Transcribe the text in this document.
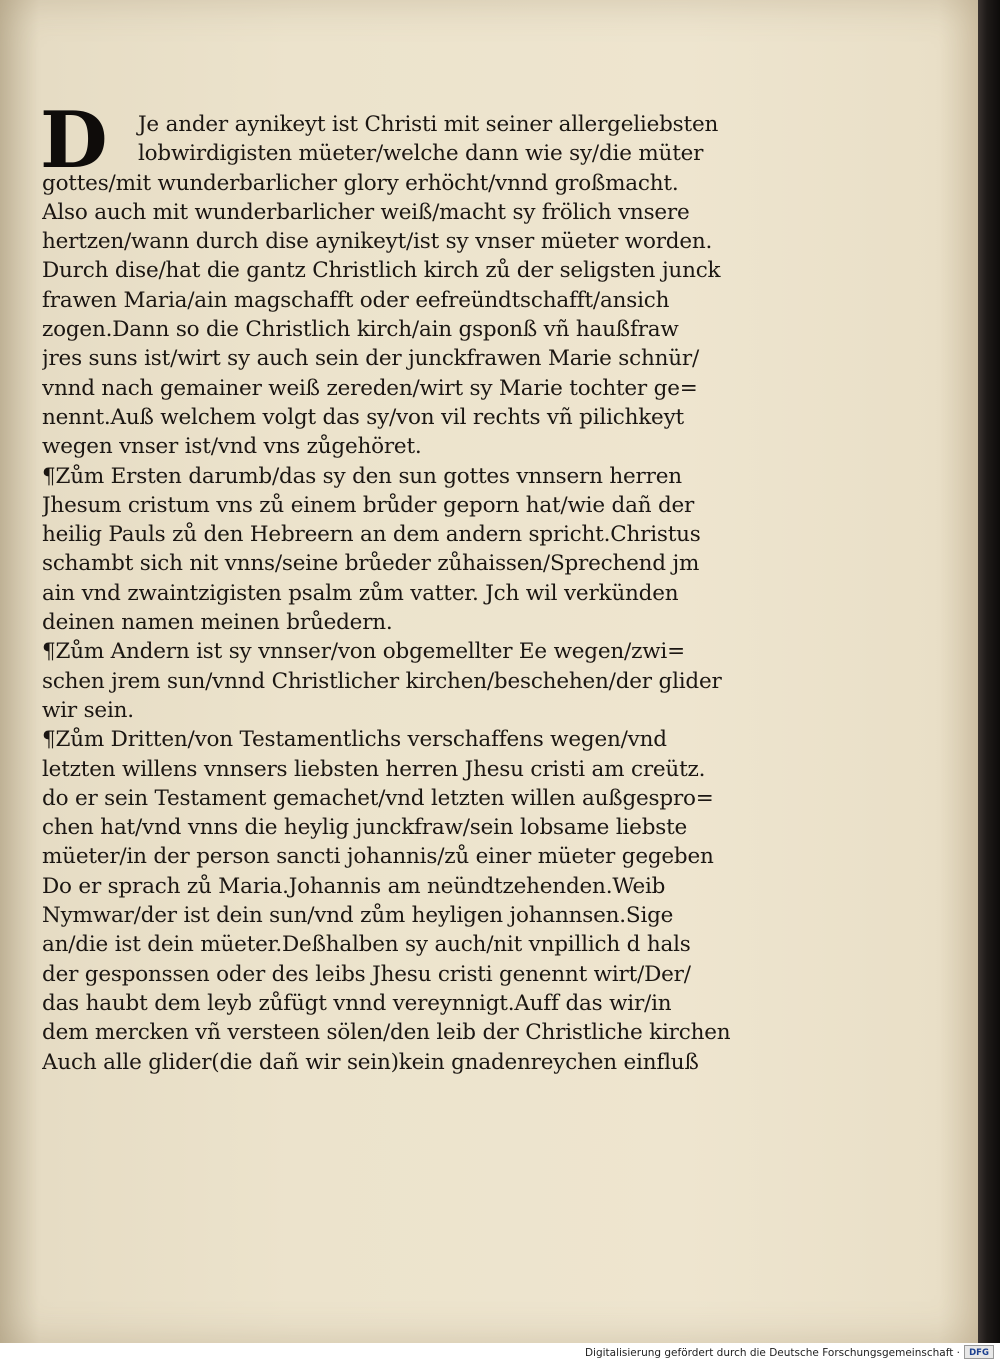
D	Je ander aynikeyt ist Christi mit seiner allergeliebsten
lobwirdigisten müeter/welche dann wie sy/die müter
gottes/mit wunderbarlicher glory erhöcht/vnnd großmacht.
Also auch mit wunderbarlicher weiß/macht sy frölich vnsere
hertzen/wann durch dise aynikeyt/ist sy vnser müeter worden.
Durch dise/hat die gantz Christlich kirch zů der seligsten junck
frawen Maria/ain magschafft oder eefreündtschafft/ansich
zogen.Dann so die Christlich kirch/ain gsponß vñ haußfraw
jres suns ist/wirt sy auch sein der junckfrawen Marie schnür/
vnnd nach gemainer weiß zereden/wirt sy Marie tochter ge=
nennt.Auß welchem volgt das sy/von vil rechts vñ pilichkeyt
wegen vnser ist/vnd vns zůgehöret.
¶Zům Ersten darumb/das sy den sun gottes vnnsern herren
Jhesum cristum vns zů einem brůder geporn hat/wie dañ der
heilig Pauls zů den Hebreern an dem andern spricht.Christus
schambt sich nit vnns/seine brůeder zůhaissen/Sprechend jm
ain vnd zwaintzigisten psalm zům vatter. Jch wil verkünden
deinen namen meinen brůedern.
¶Zům Andern ist sy vnnser/von obgemellter Ee wegen/zwi=
schen jrem sun/vnnd Christlicher kirchen/beschehen/der glider
wir sein.
¶Zům Dritten/von Testamentlichs verschaffens wegen/vnd
letzten willens vnnsers liebsten herren Jhesu cristi am creütz.
do er sein Testament gemachet/vnd letzten willen außgespro=
chen hat/vnd vnns die heylig junckfraw/sein lobsame liebste
müeter/in der person sancti johannis/zů einer müeter gegeben
Do er sprach zů Maria.Johannis am neündtzehenden.Weib
Nymwar/der ist dein sun/vnd zům heyligen johannsen.Sige
an/die ist dein müeter.Deßhalben sy auch/nit vnpillich d hals
der gesponssen oder des leibs Jhesu cristi genennt wirt/Der/
das haubt dem leyb zůfügt vnnd vereynnigt.Auff das wir/in
dem mercken vñ versteen sölen/den leib der Christliche kirchen
Auch alle glider(die dañ wir sein)kein gnadenreychen einfluß
Digitalisierung gefördert durch die Deutsche Forschungsgemeinschaft ·	DFG
